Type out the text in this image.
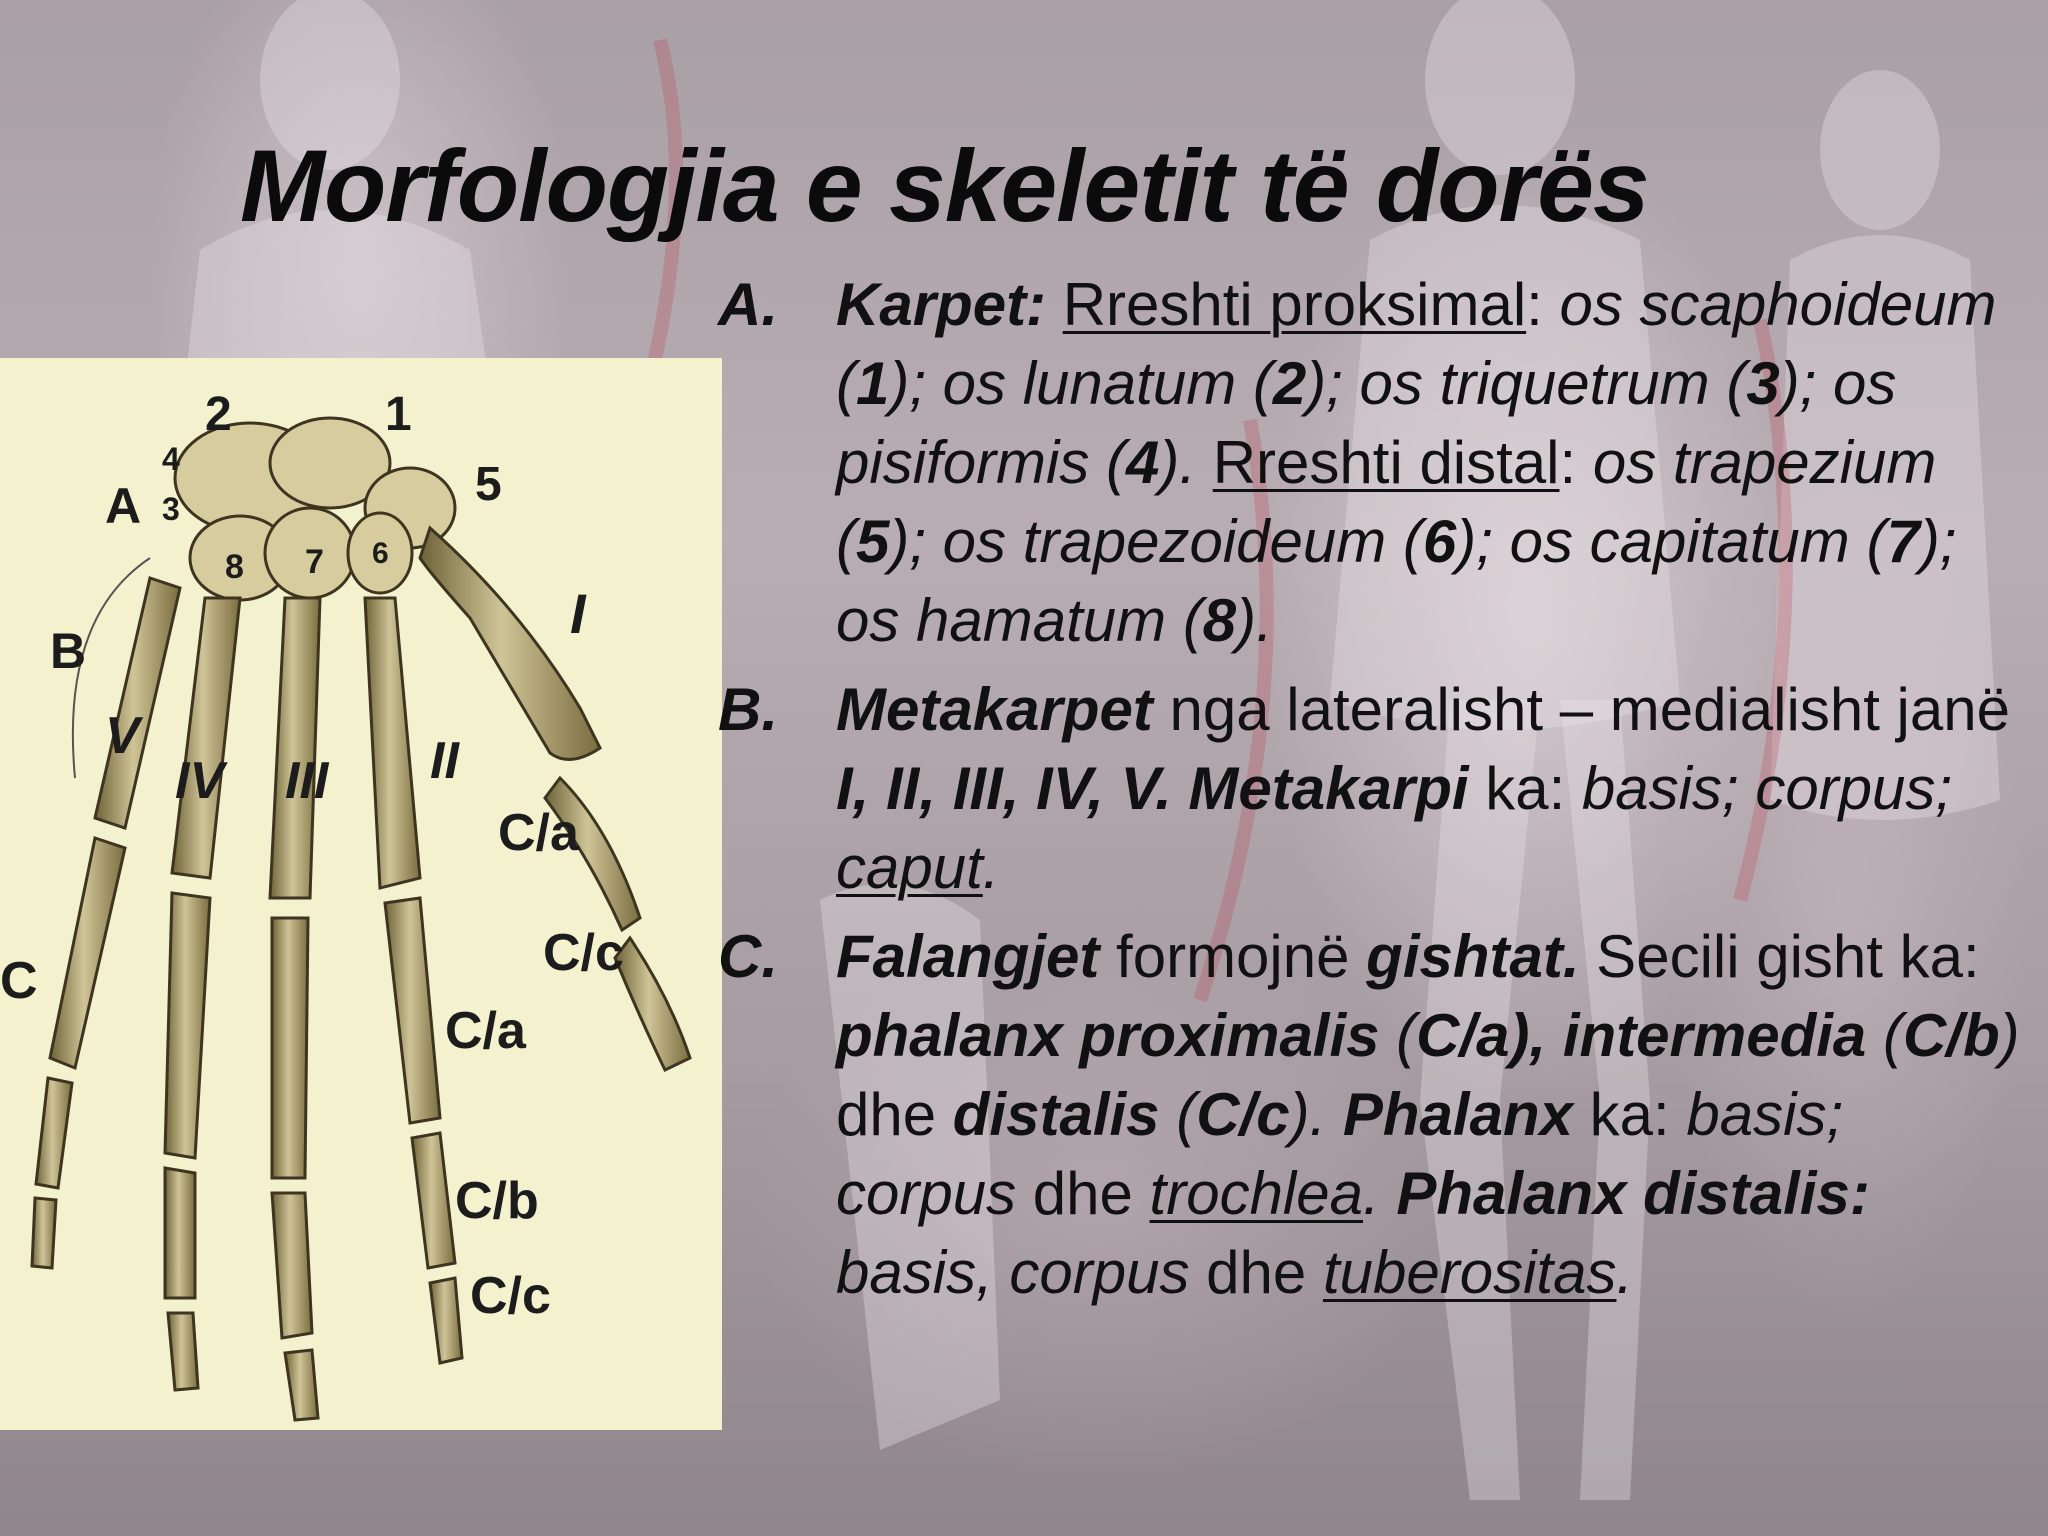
Morfologjia e skeletit të dorës
2	1
4
3
A	5
8 7 6
B
I
V
IV III II
C/a
C/c
C
C/a
C/b
C/c
A. Karpet: Rreshti proksimal: os scaphoideum (1); os lunatum (2); os triquetrum (3); os pisiformis (4). Rreshti distal: os trapezium (5); os trapezoideum (6); os capitatum (7); os hamatum (8).
B. Metakarpet nga lateralisht – medialisht janë I, II, III, IV, V. Metakarpi ka: basis; corpus; caput.
C. Falangjet formojnë gishtat. Secili gisht ka: phalanx proximalis (C/a), intermedia (C/b) dhe distalis (C/c). Phalanx ka: basis; corpus dhe trochlea. Phalanx distalis: basis, corpus dhe tuberositas.
